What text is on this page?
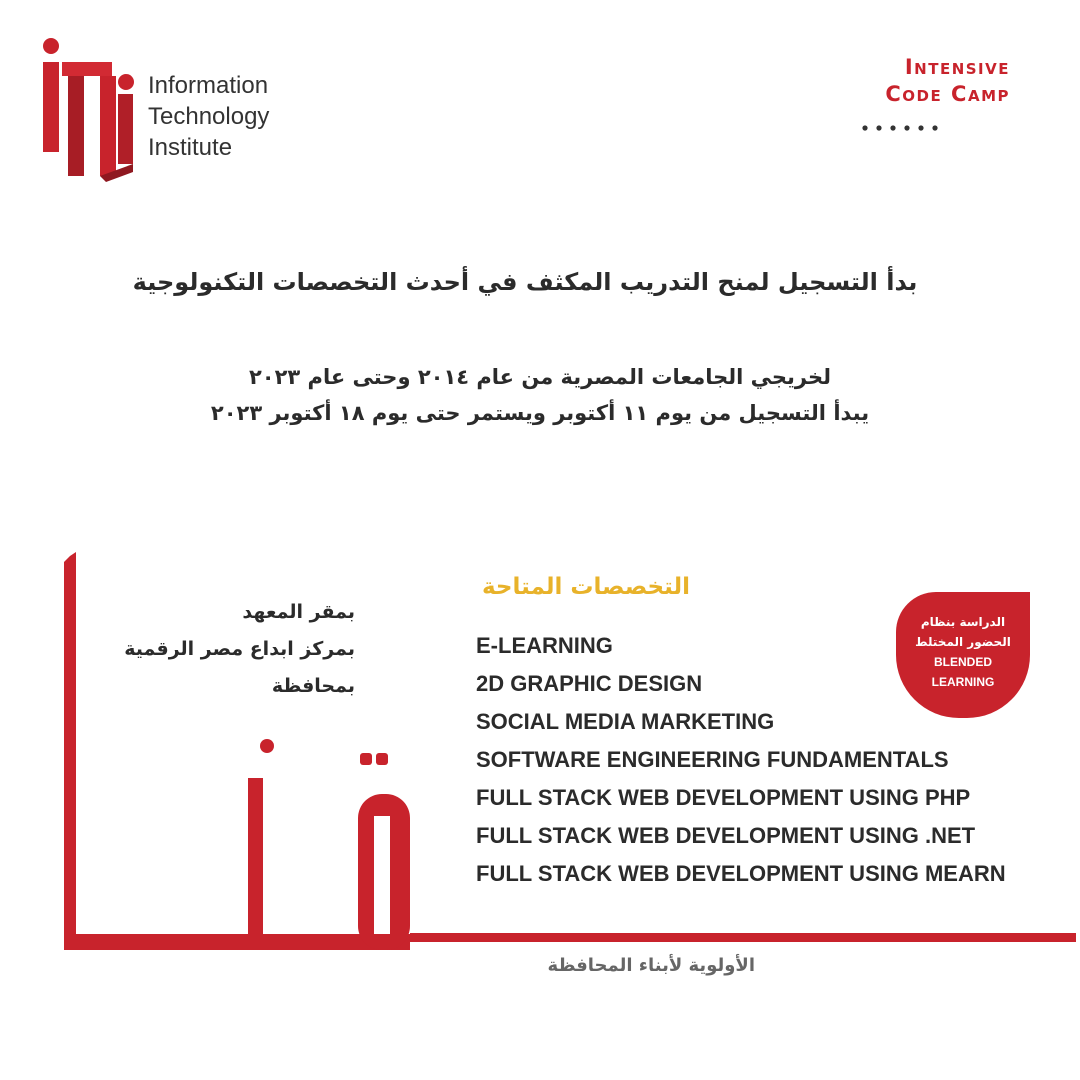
Information
Technology
Institute
Intensive
Code Camp
بدأ التسجيل لمنح التدريب المكثف في أحدث التخصصات التكنولوجية
لخريجي الجامعات المصرية من عام ٢٠١٤ وحتى عام ٢٠٢٣
يبدأ التسجيل من يوم ١١ أكتوبر ويستمر حتى يوم ١٨ أكتوبر ٢٠٢٣
بمقر المعهد
بمركز ابداع مصر الرقمية
بمحافظة
التخصصات المتاحة
E-LEARNING
2D GRAPHIC DESIGN
SOCIAL MEDIA MARKETING
SOFTWARE ENGINEERING FUNDAMENTALS
FULL STACK WEB DEVELOPMENT USING PHP
FULL STACK WEB DEVELOPMENT USING .NET
FULL STACK WEB DEVELOPMENT USING MEARN
الدراسة بنظام
الحضور المختلط
BLENDED
LEARNING
الأولوية لأبناء المحافظة
